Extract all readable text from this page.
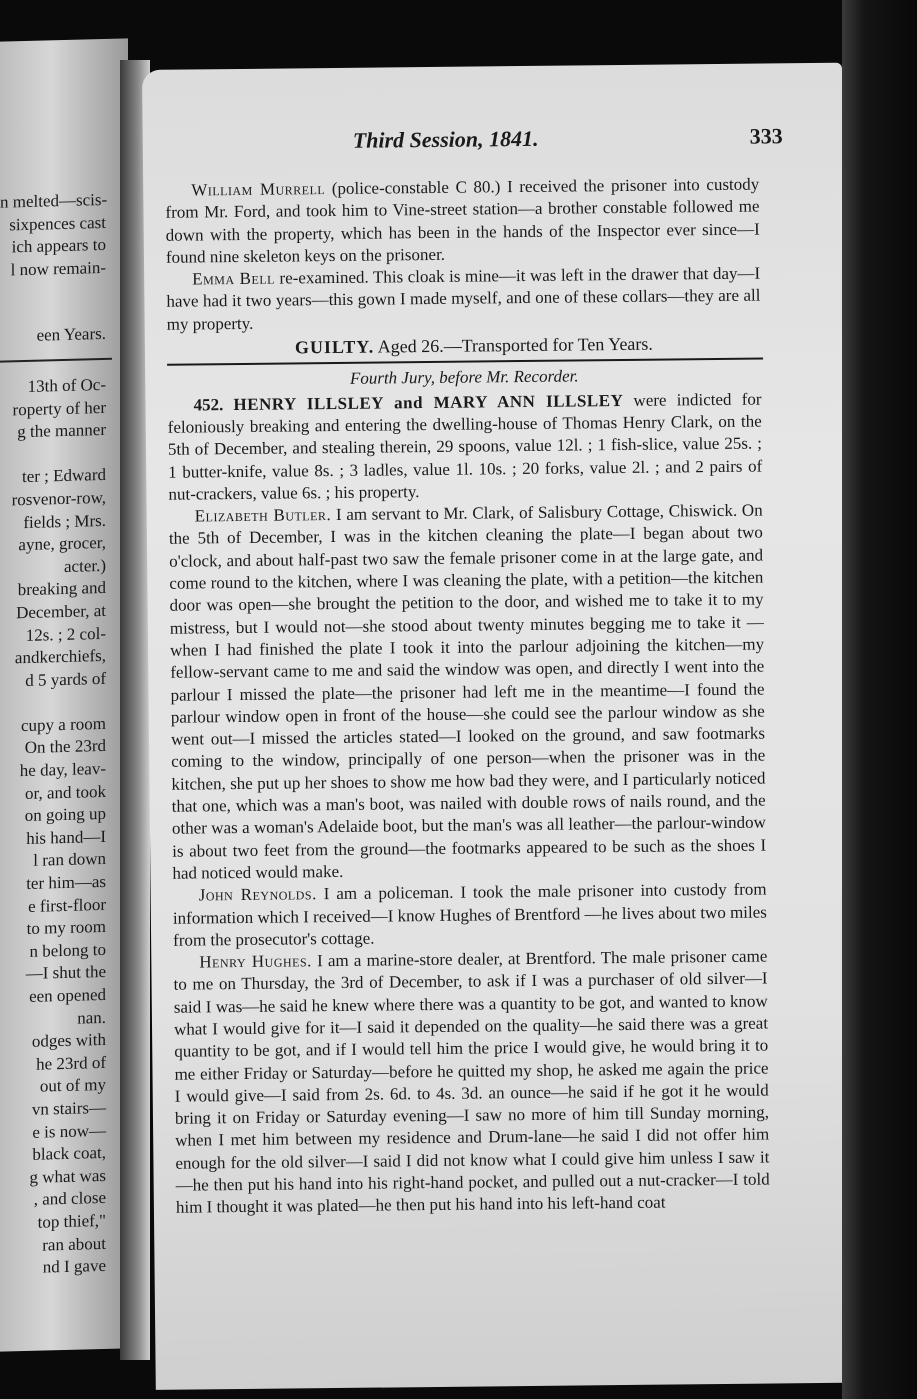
n melted—scis-
sixpences cast
ich appears to
l now remain-
een Years.
13th of Oc-
roperty of her
g the manner
ter ; Edward
rosvenor-row,
fields ; Mrs.
ayne, grocer,
acter.)
breaking and
December, at
12s. ; 2 col-
andkerchiefs,
d 5 yards of
cupy a room
On the 23rd
he day, leav-
or, and took
on going up
his hand—I
l ran down
ter him—as
e first-floor
to my room
n belong to
—I shut the
een opened
nan.
odges with
he 23rd of
out of my
vn stairs—
e is now—
black coat,
g what was
, and close
top thief,"
ran about
nd I gave
Third Session, 1841.	333

William Murrell (police-constable C 80.) I received the prisoner into custody from Mr. Ford, and took him to Vine-street station—a brother constable followed me down with the property, which has been in the hands of the Inspector ever since—I found nine skeleton keys on the prisoner.

Emma Bell re-examined. This cloak is mine—it was left in the drawer that day—I have had it two years—this gown I made myself, and one of these collars—they are all my property.

GUILTY. Aged 26.—Transported for Ten Years.
Fourth Jury, before Mr. Recorder.

452. HENRY ILLSLEY and MARY ANN ILLSLEY were indicted for feloniously breaking and entering the dwelling-house of Thomas Henry Clark, on the 5th of December, and stealing therein, 29 spoons, value 12l. ; 1 fish-slice, value 25s. ; 1 butter-knife, value 8s. ; 3 ladles, value 1l. 10s. ; 20 forks, value 2l. ; and 2 pairs of nut-crackers, value 6s. ; his property.

Elizabeth Butler. I am servant to Mr. Clark, of Salisbury Cottage, Chiswick. On the 5th of December, I was in the kitchen cleaning the plate—I began about two o'clock, and about half-past two saw the female prisoner come in at the large gate, and come round to the kitchen, where I was cleaning the plate, with a petition—the kitchen door was open—she brought the petition to the door, and wished me to take it to my mistress, but I would not—she stood about twenty minutes begging me to take it —when I had finished the plate I took it into the parlour adjoining the kitchen—my fellow-servant came to me and said the window was open, and directly I went into the parlour I missed the plate—the prisoner had left me in the meantime—I found the parlour window open in front of the house—she could see the parlour window as she went out—I missed the articles stated—I looked on the ground, and saw footmarks coming to the window, principally of one person—when the prisoner was in the kitchen, she put up her shoes to show me how bad they were, and I particularly noticed that one, which was a man's boot, was nailed with double rows of nails round, and the other was a woman's Adelaide boot, but the man's was all leather—the parlour-window is about two feet from the ground—the footmarks appeared to be such as the shoes I had noticed would make.

John Reynolds. I am a policeman. I took the male prisoner into custody from information which I received—I know Hughes of Brentford —he lives about two miles from the prosecutor's cottage.

Henry Hughes. I am a marine-store dealer, at Brentford. The male prisoner came to me on Thursday, the 3rd of December, to ask if I was a purchaser of old silver—I said I was—he said he knew where there was a quantity to be got, and wanted to know what I would give for it—I said it depended on the quality—he said there was a great quantity to be got, and if I would tell him the price I would give, he would bring it to me either Friday or Saturday—before he quitted my shop, he asked me again the price I would give—I said from 2s. 6d. to 4s. 3d. an ounce—he said if he got it he would bring it on Friday or Saturday evening—I saw no more of him till Sunday morning, when I met him between my residence and Drum-lane—he said I did not offer him enough for the old silver—I said I did not know what I could give him unless I saw it—he then put his hand into his right-hand pocket, and pulled out a nut-cracker—I told him I thought it was plated—he then put his hand into his left-hand coat
